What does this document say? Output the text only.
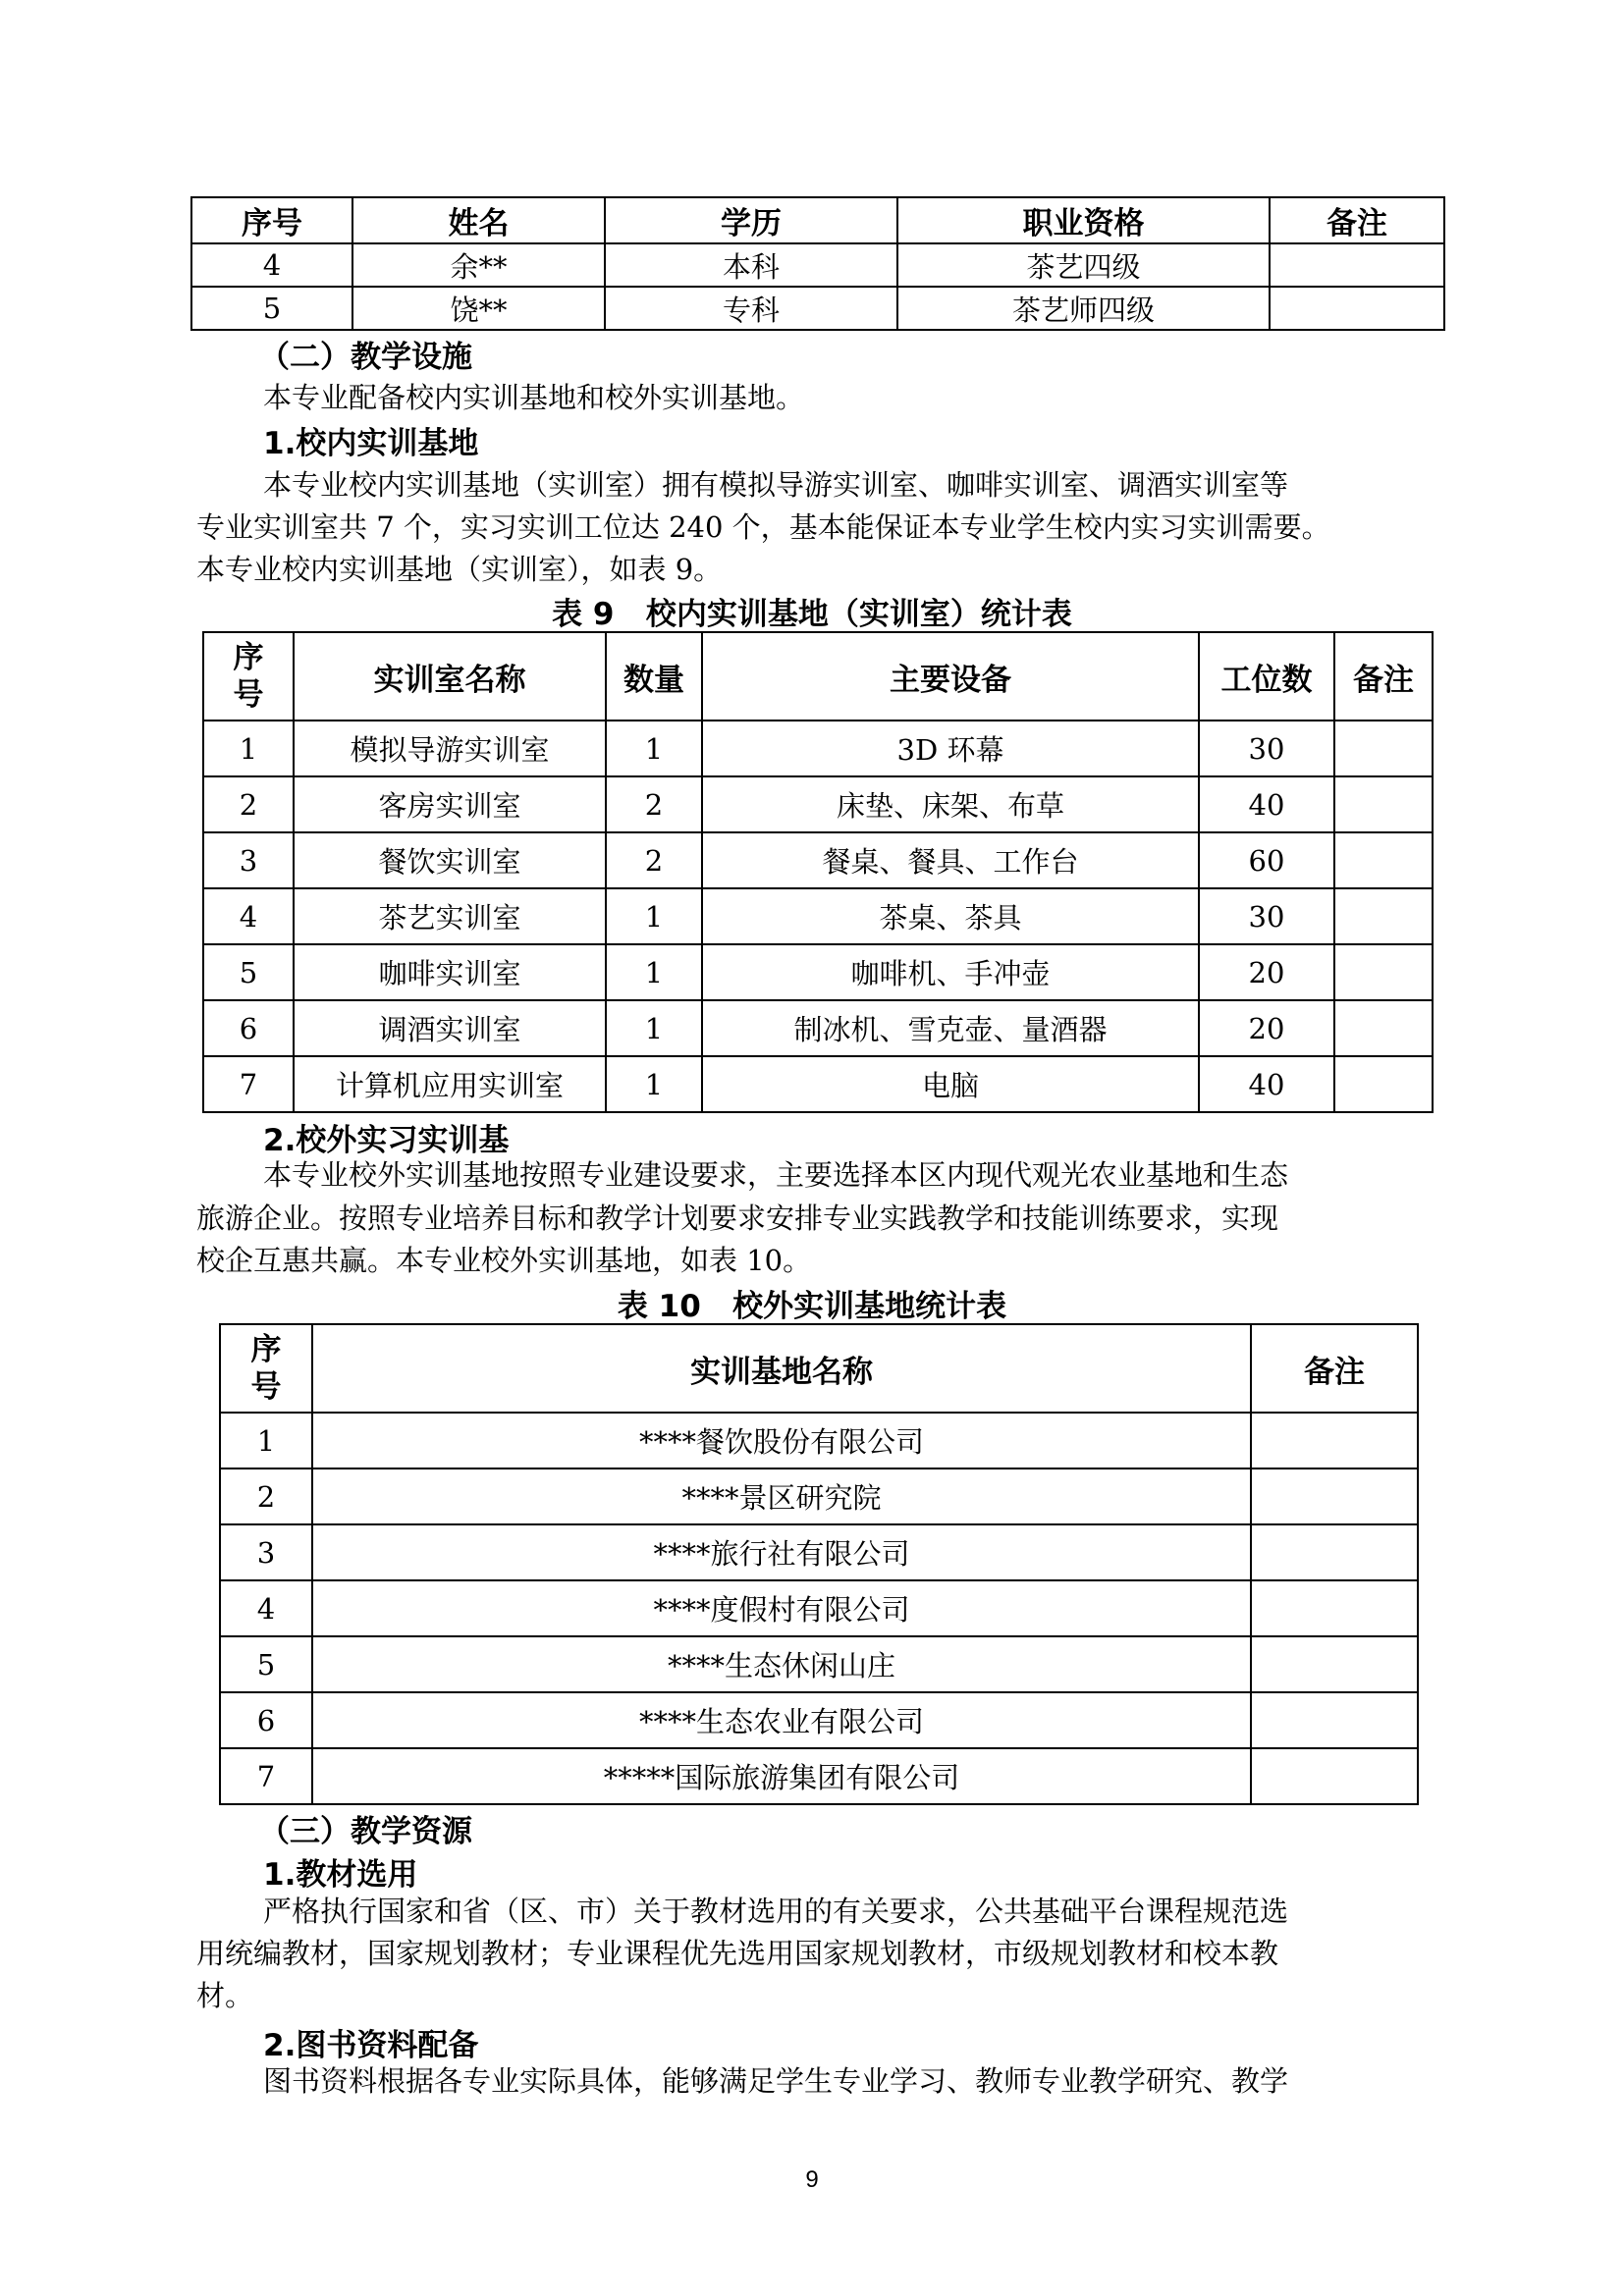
序号	姓名	学历	职业资格	备注
4	余**	本科	茶艺四级	
5	饶**	专科	茶艺师四级	
（二）教学设施
本专业配备校内实训基地和校外实训基地。
1.校内实训基地
本专业校内实训基地（实训室）拥有模拟导游实训室、咖啡实训室、调酒实训室等
专业实训室共 7 个，实习实训工位达 240 个，基本能保证本专业学生校内实习实训需要。
本专业校内实训基地（实训室），如表 9。
表 9   校内实训基地（实训室）统计表
序
号	实训室名称	数量	主要设备	工位数	备注
1	模拟导游实训室	1	3D 环幕	30	
2	客房实训室	2	床垫、床架、布草	40	
3	餐饮实训室	2	餐桌、餐具、工作台	60	
4	茶艺实训室	1	茶桌、茶具	30	
5	咖啡实训室	1	咖啡机、手冲壶	20	
6	调酒实训室	1	制冰机、雪克壶、量酒器	20	
7	计算机应用实训室	1	电脑	40	
2.校外实习实训基
本专业校外实训基地按照专业建设要求，主要选择本区内现代观光农业基地和生态
旅游企业。按照专业培养目标和教学计划要求安排专业实践教学和技能训练要求，实现
校企互惠共赢。本专业校外实训基地，如表 10。
表 10   校外实训基地统计表
序
号	实训基地名称	备注
1	****餐饮股份有限公司	
2	****景区研究院	
3	****旅行社有限公司	
4	****度假村有限公司	
5	****生态休闲山庄	
6	****生态农业有限公司	
7	*****国际旅游集团有限公司	
（三）教学资源
1.教材选用
严格执行国家和省（区、市）关于教材选用的有关要求，公共基础平台课程规范选
用统编教材，国家规划教材；专业课程优先选用国家规划教材，市级规划教材和校本教
材。
2.图书资料配备
图书资料根据各专业实际具体，能够满足学生专业学习、教师专业教学研究、教学
9
